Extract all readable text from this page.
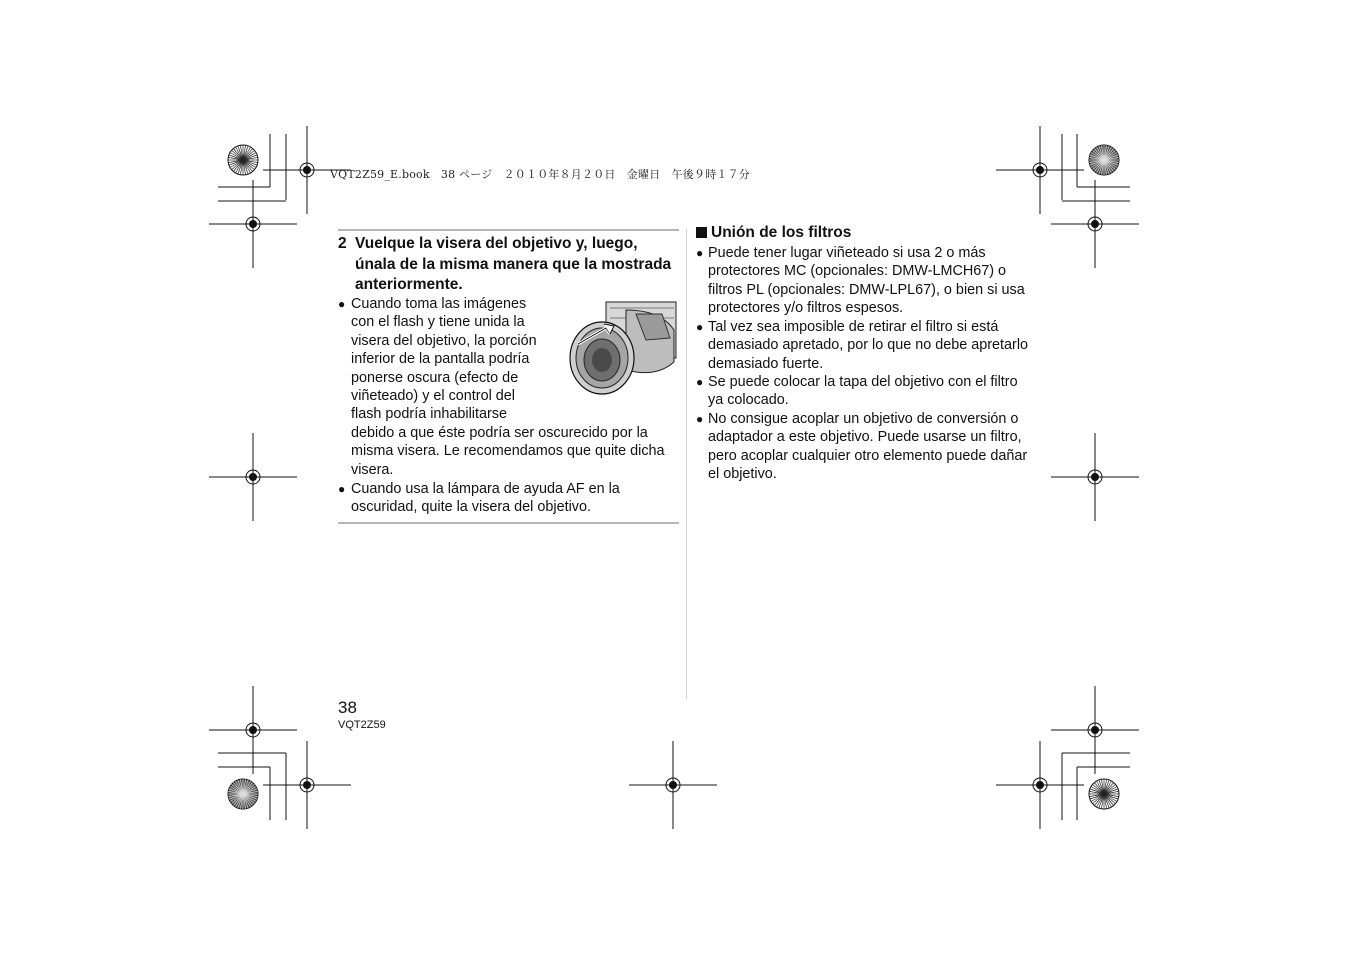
VQT2Z59_E.book　38 ページ　２０１０年８月２０日　金曜日　午後９時１７分
2 Vuelque la visera del objetivo y, luego, únala de la misma manera que la mostrada anteriormente.
● Cuando toma las imágenes
con el flash y tiene unida la
visera del objetivo, la porción
inferior de la pantalla podría
ponerse oscura (efecto de
viñeteado) y el control del
flash podría inhabilitarse
debido a que éste podría ser oscurecido por la
misma visera. Le recomendamos que quite dicha
visera.
● Cuando usa la lámpara de ayuda AF en la
oscuridad, quite la visera del objetivo.
Unión de los filtros
● Puede tener lugar viñeteado si usa 2 o más
protectores MC (opcionales: DMW-LMCH67) o
filtros PL (opcionales: DMW-LPL67), o bien si usa
protectores y/o filtros espesos.
● Tal vez sea imposible de retirar el filtro si está
demasiado apretado, por lo que no debe apretarlo
demasiado fuerte.
● Se puede colocar la tapa del objetivo con el filtro
ya colocado.
● No consigue acoplar un objetivo de conversión o
adaptador a este objetivo. Puede usarse un filtro,
pero acoplar cualquier otro elemento puede dañar
el objetivo.
38
VQT2Z59
